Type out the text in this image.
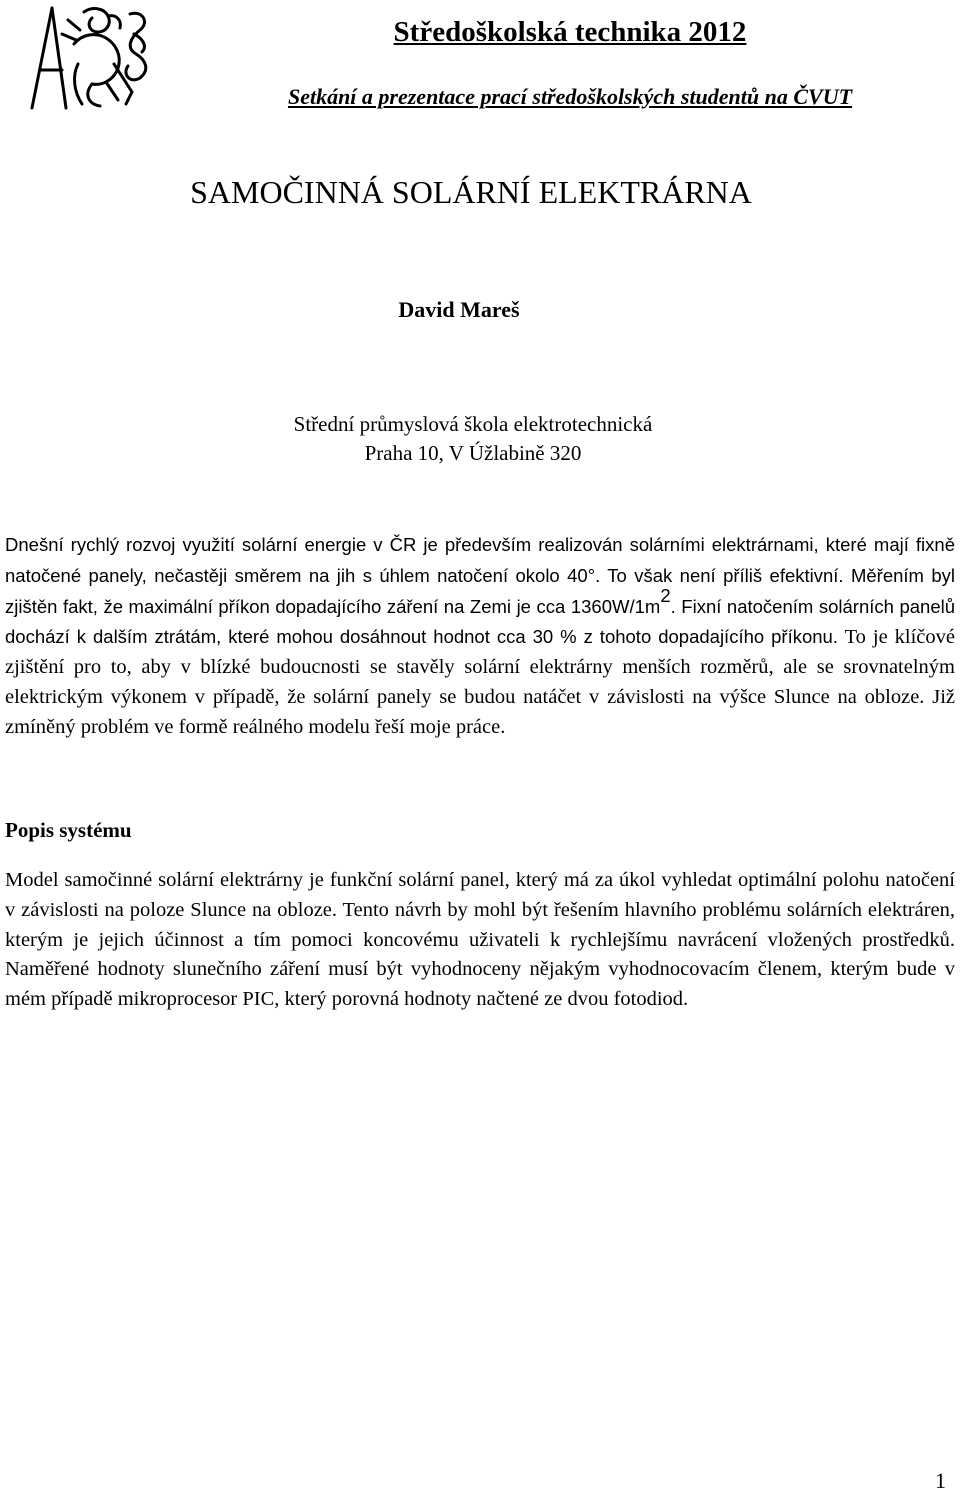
Středoškolská technika 2012
Setkání a prezentace prací středoškolských studentů na ČVUT
SAMOČINNÁ SOLÁRNÍ ELEKTRÁRNA
David Mareš
Střední průmyslová škola elektrotechnická
Praha 10, V Úžlabině 320
Dnešní rychlý rozvoj využití solární energie v ČR je především realizován solárními elektrárnami, které mají fixně natočené panely, nečastěji směrem na jih s úhlem natočení okolo 40°. To však není příliš efektivní. Měřením byl zjištěn fakt, že maximální příkon dopadajícího záření na Zemi je cca $1360W/1m^2$. Fixní natočením solárních panelů dochází k dalším ztrátám, které mohou dosáhnout hodnot cca 30 % z tohoto dopadajícího příkonu. To je klíčové zjištění pro to, aby v blízké budoucnosti se stavěly solární elektrárny menších rozměrů, ale se srovnatelným elektrickým výkonem v případě, že solární panely se budou natáčet v závislosti na výšce Slunce na obloze. Již zmíněný problém ve formě reálného modelu řeší moje práce.
Popis systému
Model samočinné solární elektrárny je funkční solární panel, který má za úkol vyhledat optimální polohu natočení v závislosti na poloze Slunce na obloze. Tento návrh by mohl být řešením hlavního problému solárních elektráren, kterým je jejich účinnost a tím pomoci koncovému uživateli k rychlejšímu navrácení vložených prostředků. Naměřené hodnoty slunečního záření musí být vyhodnoceny nějakým vyhodnocovacím členem, kterým bude v mém případě mikroprocesor PIC, který porovná hodnoty načtené ze dvou fotodiod.
1
